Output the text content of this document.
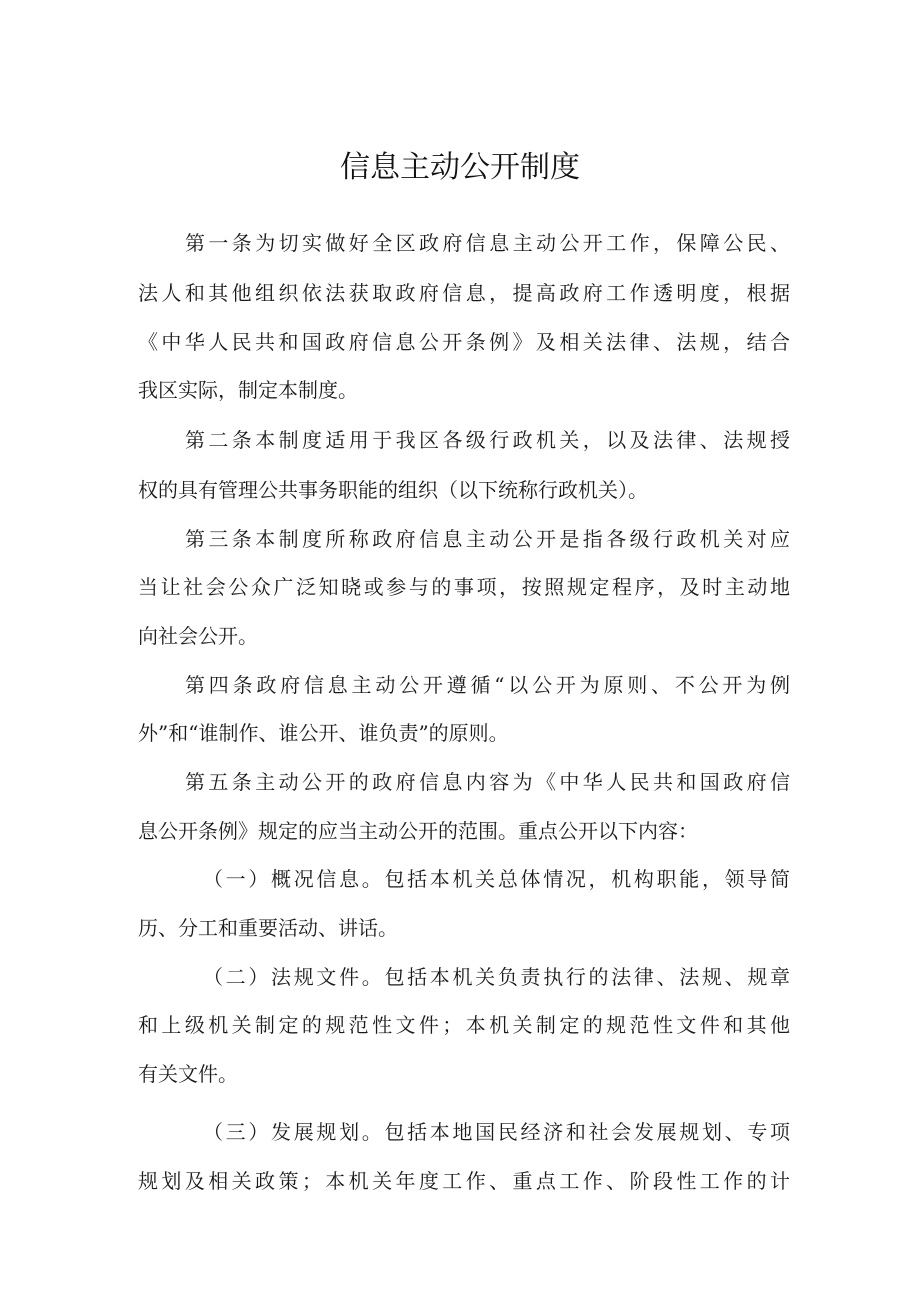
信息主动公开制度
第一条为切实做好全区政府信息主动公开工作，保障公民、
法人和其他组织依法获取政府信息，提高政府工作透明度，根据
《中华人民共和国政府信息公开条例》及相关法律、法规，结合
我区实际，制定本制度。
第二条本制度适用于我区各级行政机关，以及法律、法规授
权的具有管理公共事务职能的组织（以下统称行政机关）。
第三条本制度所称政府信息主动公开是指各级行政机关对应
当让社会公众广泛知晓或参与的事项，按照规定程序，及时主动地
向社会公开。
第四条政府信息主动公开遵循“以公开为原则、不公开为例
外”和“谁制作、谁公开、谁负责”的原则。
第五条主动公开的政府信息内容为《中华人民共和国政府信
息公开条例》规定的应当主动公开的范围。重点公开以下内容：
（一）概况信息。包括本机关总体情况，机构职能，领导简
历、分工和重要活动、讲话。
（二）法规文件。包括本机关负责执行的法律、法规、规章
和上级机关制定的规范性文件；本机关制定的规范性文件和其他
有关文件。
（三）发展规划。包括本地国民经济和社会发展规划、专项
规划及相关政策；本机关年度工作、重点工作、阶段性工作的计
